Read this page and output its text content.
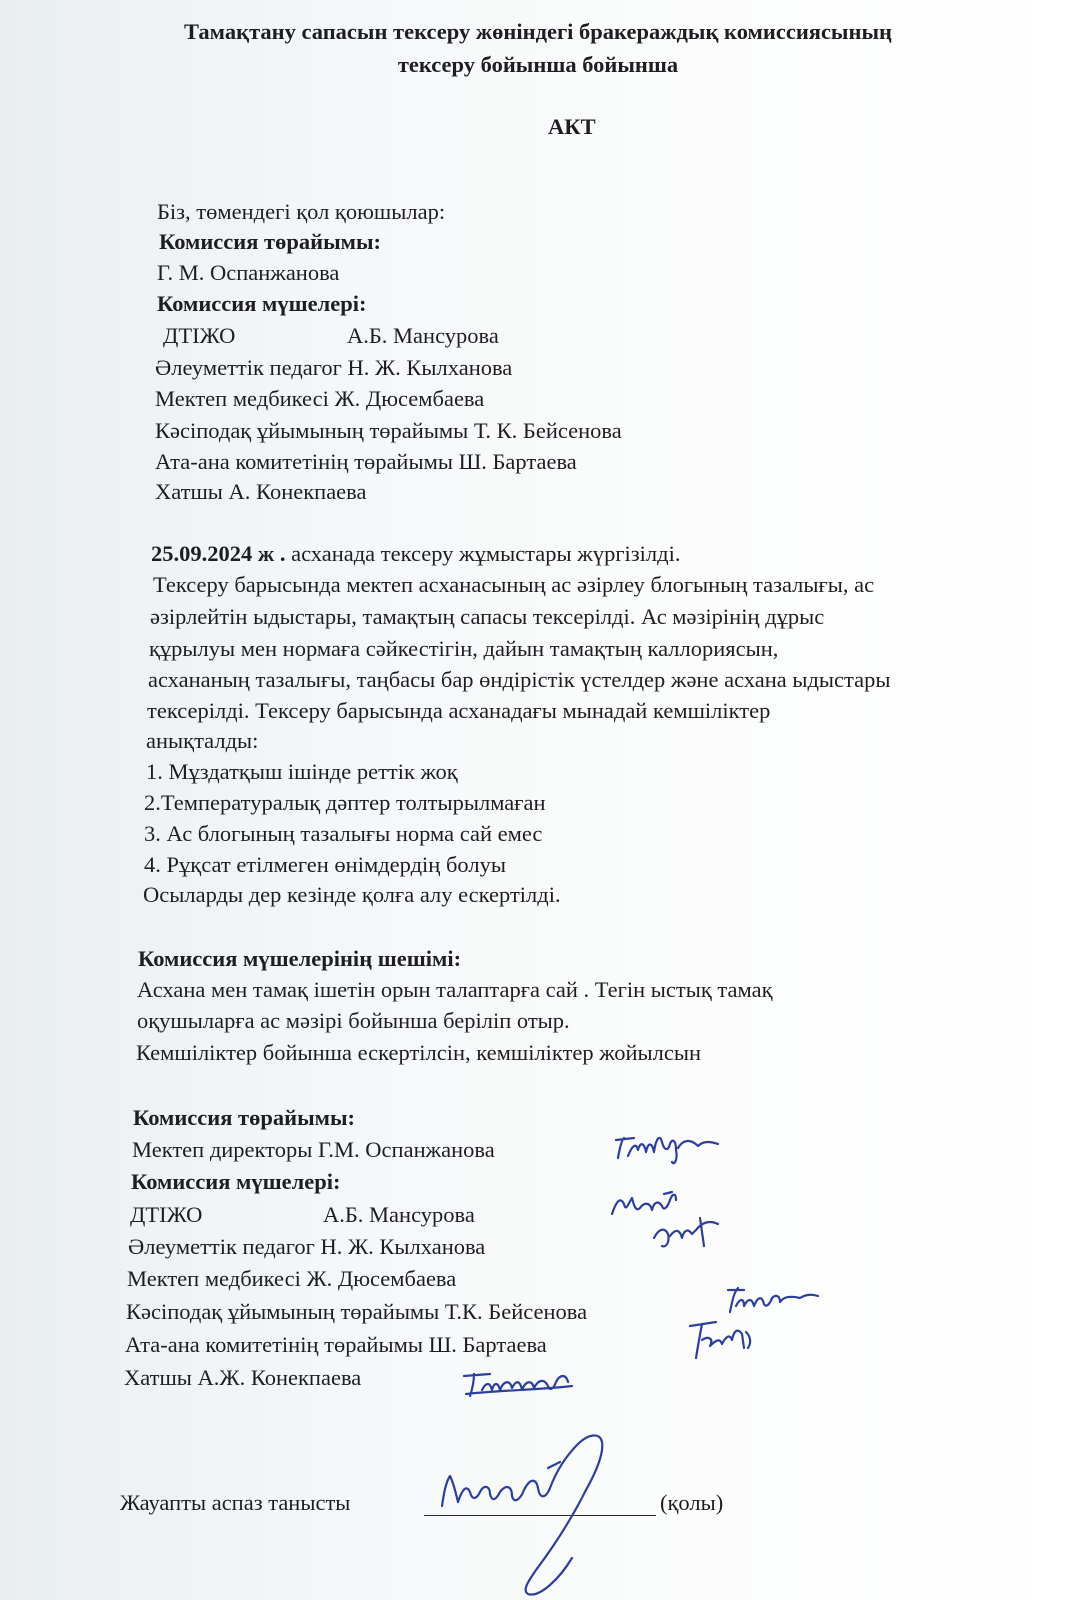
Тамақтану сапасын тексеру жөніндегі бракераждық комиссиясының
тексеру бойынша бойынша
АКТ
Біз, төмендегі қол қоюшылар:
Комиссия төрайымы:
Г. М. Оспанжанова
Комиссия мүшелері:
ДТІЖО	А.Б. Мансурова
Әлеуметтік педагог Н. Ж. Кылханова
Мектеп медбикесі Ж. Дюсембаева
Кәсіподақ ұйымының төрайымы Т. К. Бейсенова
Ата-ана комитетінің төрайымы Ш. Бартаева
Хатшы А. Конекпаева
25.09.2024 ж . асханада тексеру жұмыстары жүргізілді.
Тексеру барысында мектеп асханасының ас әзірлеу блогының тазалығы, ас
әзірлейтін ыдыстары, тамақтың сапасы тексерілді. Ас мәзірінің дұрыс
құрылуы мен нормаға сәйкестігін, дайын тамақтың каллориясын,
асхананың тазалығы, таңбасы бар өндірістік үстелдер және асхана ыдыстары
тексерілді. Тексеру барысында асханадағы мынадай кемшіліктер
анықталды:
1. Мұздатқыш ішінде реттік жоқ
2.Температуралық дәптер толтырылмаған
3. Ас блогының тазалығы норма сай емес
4. Рұқсат етілмеген өнімдердің болуы
Осыларды дер кезінде қолға алу ескертілді.
Комиссия мүшелерінің шешімі:
Асхана мен тамақ ішетін орын талаптарға сай . Тегін ыстық тамақ
оқушыларға ас мәзірі бойынша беріліп отыр.
Кемшіліктер бойынша ескертілсін, кемшіліктер жойылсын
Комиссия төрайымы:
Мектеп директоры Г.М. Оспанжанова
Комиссия мүшелері:
ДТІЖО	А.Б. Мансурова
Әлеуметтік педагог Н. Ж. Кылханова
Мектеп медбикесі Ж. Дюсембаева
Кәсіподақ ұйымының төрайымы Т.К. Бейсенова
Ата-ана комитетінің төрайымы Ш. Бартаева
Хатшы А.Ж. Конекпаева
Жауапты аспаз танысты	(қолы)
